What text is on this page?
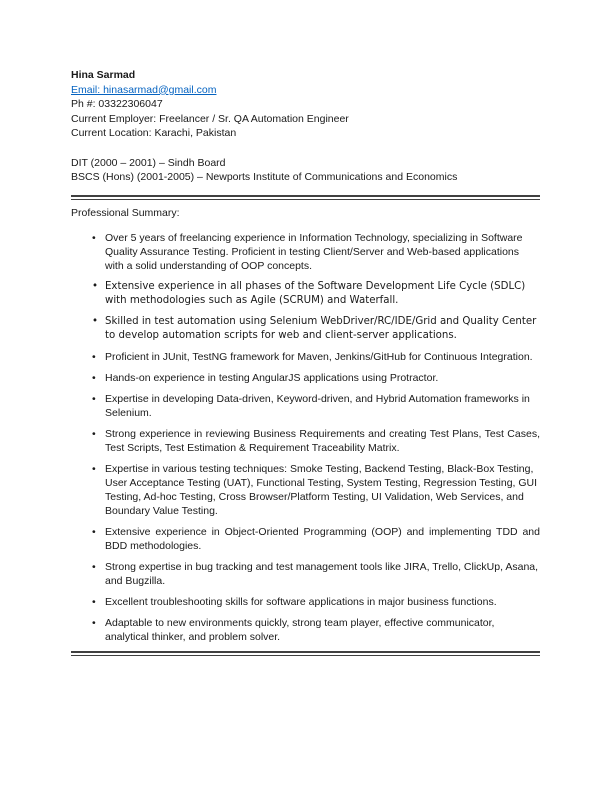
Hina Sarmad

Email: hinasarmad@gmail.com

Ph #: 03322306047

Current Employer: Freelancer / Sr. QA Automation Engineer

Current Location: Karachi, Pakistan

DIT (2000 – 2001) – Sindh Board

BSCS (Hons) (2001-2005) – Newports Institute of Communications and Economics

Professional Summary:

• Over 5 years of freelancing experience in Information Technology, specializing in Software Quality Assurance Testing. Proficient in testing Client/Server and Web-based applications with a solid understanding of OOP concepts.
• Extensive experience in all phases of the Software Development Life Cycle (SDLC) with methodologies such as Agile (SCRUM) and Waterfall.
• Skilled in test automation using Selenium WebDriver/RC/IDE/Grid and Quality Center to develop automation scripts for web and client-server applications.
• Proficient in JUnit, TestNG framework for Maven, Jenkins/GitHub for Continuous Integration.
• Hands-on experience in testing AngularJS applications using Protractor.
• Expertise in developing Data-driven, Keyword-driven, and Hybrid Automation frameworks in Selenium.
• Strong experience in reviewing Business Requirements and creating Test Plans, Test Cases, Test Scripts, Test Estimation & Requirement Traceability Matrix.
• Expertise in various testing techniques: Smoke Testing, Backend Testing, Black-Box Testing, User Acceptance Testing (UAT), Functional Testing, System Testing, Regression Testing, GUI Testing, Ad-hoc Testing, Cross Browser/Platform Testing, UI Validation, Web Services, and Boundary Value Testing.
• Extensive experience in Object-Oriented Programming (OOP) and implementing TDD and BDD methodologies.
• Strong expertise in bug tracking and test management tools like JIRA, Trello, ClickUp, Asana, and Bugzilla.
• Excellent troubleshooting skills for software applications in major business functions.
• Adaptable to new environments quickly, strong team player, effective communicator, analytical thinker, and problem solver.
